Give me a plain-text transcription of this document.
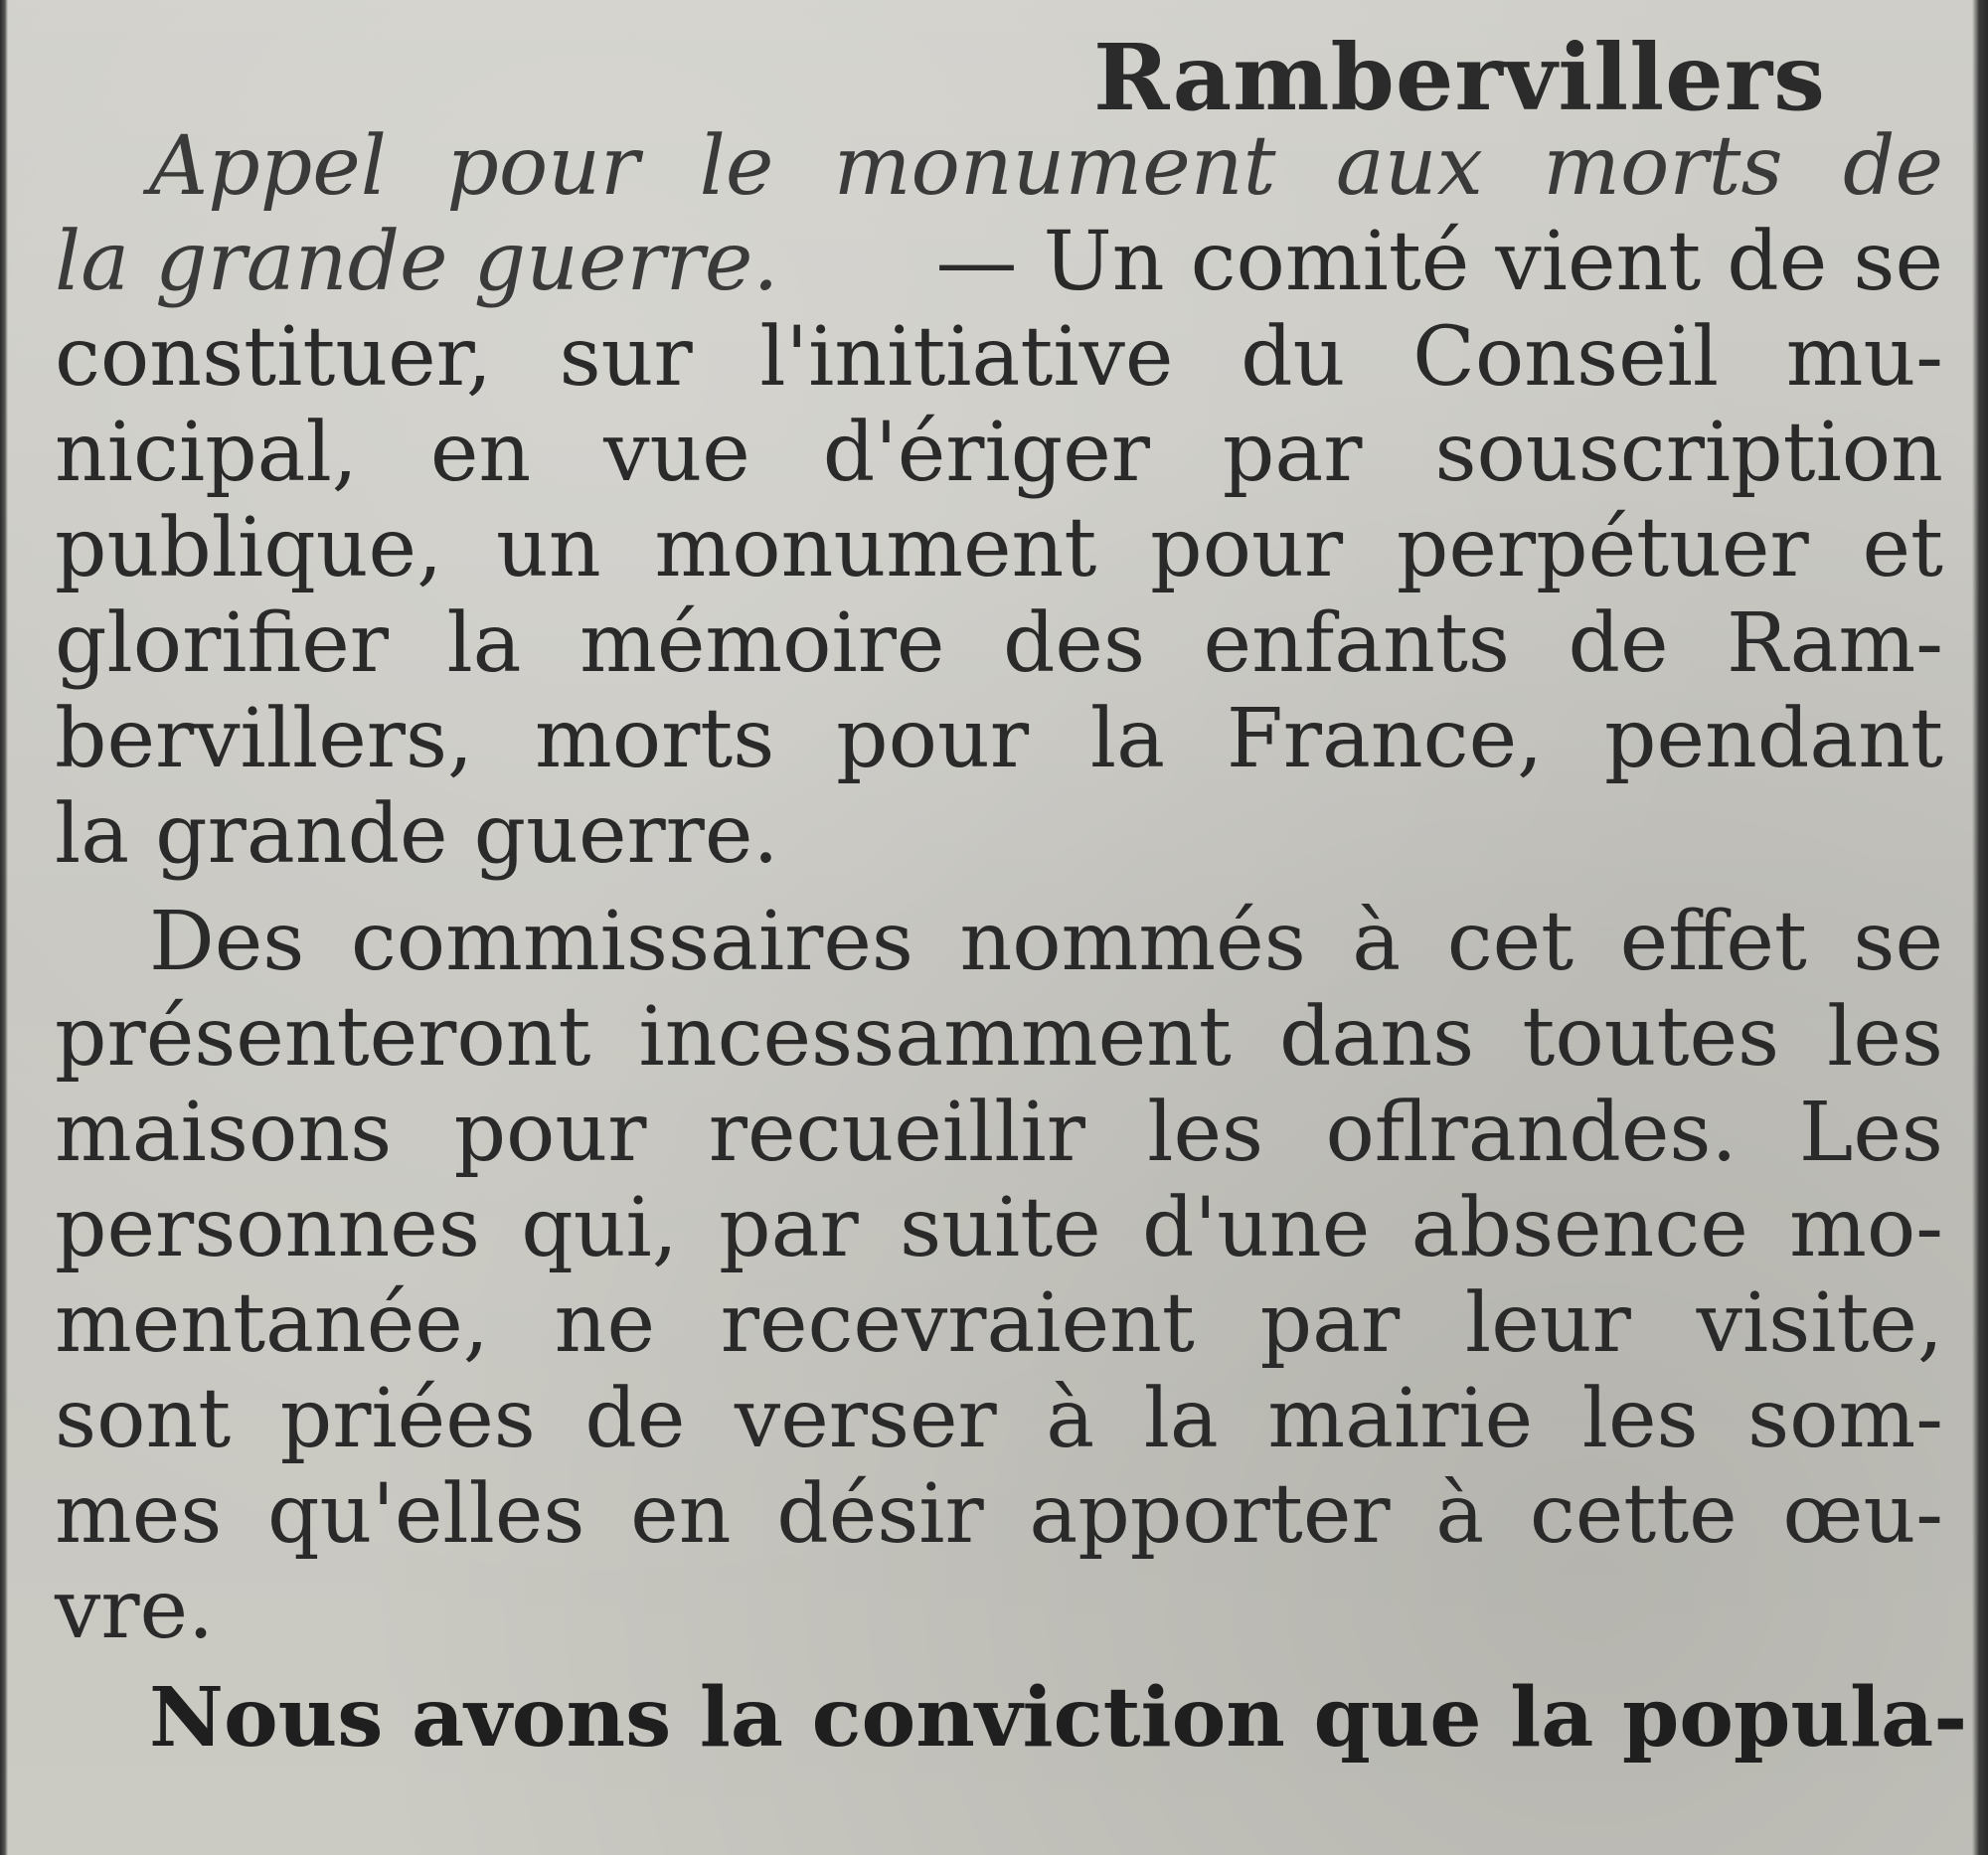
Rambervillers
Appel pour le monument aux morts de
la grande guerre. — Un comité vient de se
constituer, sur l'initiative du Conseil mu-
nicipal, en vue d'ériger par souscription
publique, un monument pour perpétuer et
glorifier la mémoire des enfants de Ram-
bervillers, morts pour la France, pendant
la grande guerre.
Des commissaires nommés à cet effet se
présenteront incessamment dans toutes les
maisons pour recueillir les oflrandes. Les
personnes qui, par suite d'une absence mo-
mentanée, ne recevraient par leur visite,
sont priées de verser à la mairie les som-
mes qu'elles en désir apporter à cette œu-
vre.
Nous avons la conviction que la popula-
